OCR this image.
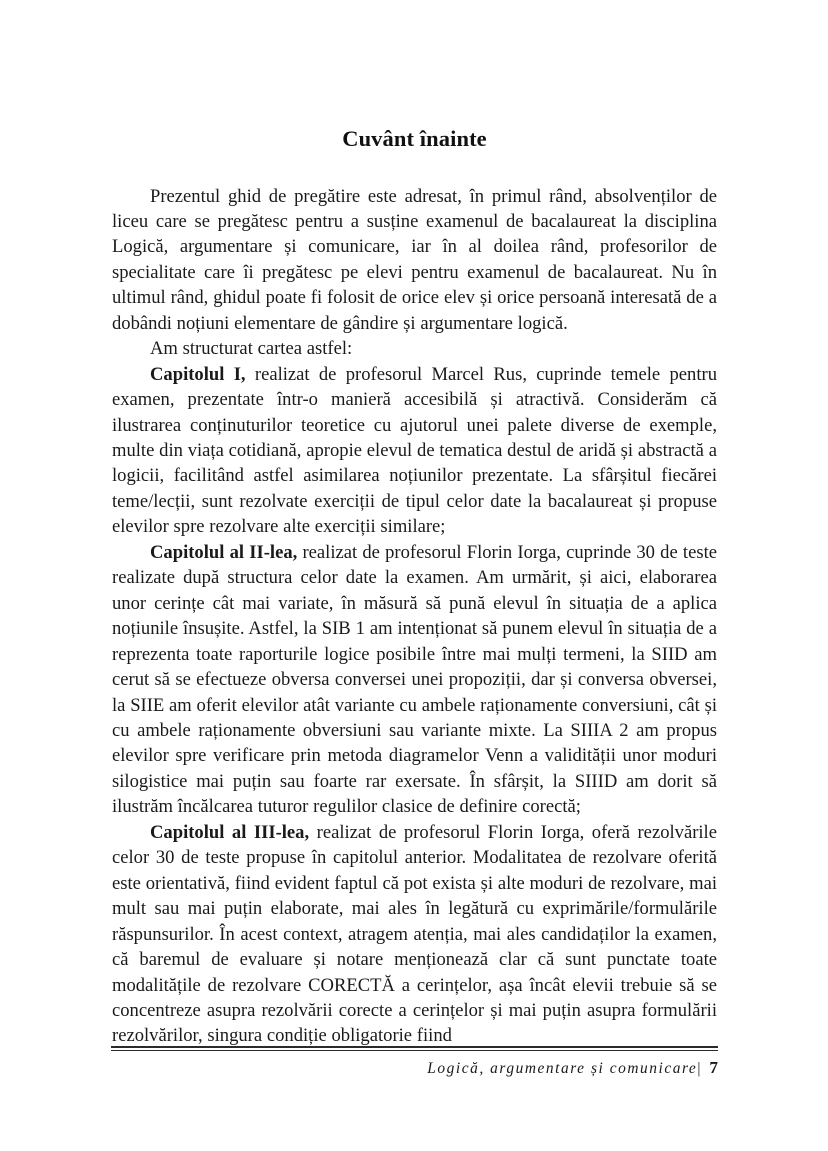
Cuvânt înainte

Prezentul ghid de pregătire este adresat, în primul rând, absolvenților de liceu care se pregătesc pentru a susține examenul de bacalaureat la disciplina Logică, argumentare și comunicare, iar în al doilea rând, profesorilor de specialitate care îi pregătesc pe elevi pentru examenul de bacalaureat. Nu în ultimul rând, ghidul poate fi folosit de orice elev și orice persoană interesată de a dobândi noțiuni elementare de gândire și argumentare logică.

Am structurat cartea astfel:

Capitolul I, realizat de profesorul Marcel Rus, cuprinde temele pentru examen, prezentate într-o manieră accesibilă și atractivă. Considerăm că ilustrarea conținuturilor teoretice cu ajutorul unei palete diverse de exemple, multe din viața cotidiană, apropie elevul de tematica destul de aridă și abstractă a logicii, facilitând astfel asimilarea noțiunilor prezentate. La sfârșitul fiecărei teme/lecții, sunt rezolvate exerciții de tipul celor date la bacalaureat și propuse elevilor spre rezolvare alte exerciții similare;

Capitolul al II-lea, realizat de profesorul Florin Iorga, cuprinde 30 de teste realizate după structura celor date la examen. Am urmărit, și aici, elaborarea unor cerințe cât mai variate, în măsură să pună elevul în situația de a aplica noțiunile însușite. Astfel, la SIB 1 am intenționat să punem elevul în situația de a reprezenta toate raporturile logice posibile între mai mulți termeni, la SIID am cerut să se efectueze obversa conversei unei propoziții, dar și conversa obversei, la SIIE am oferit elevilor atât variante cu ambele raționamente conversiuni, cât și cu ambele raționamente obversiuni sau variante mixte. La SIIIA 2 am propus elevilor spre verificare prin metoda diagramelor Venn a validității unor moduri silogistice mai puțin sau foarte rar exersate. În sfârșit, la SIIID am dorit să ilustrăm încălcarea tuturor regulilor clasice de definire corectă;

Capitolul al III-lea, realizat de profesorul Florin Iorga, oferă rezolvările celor 30 de teste propuse în capitolul anterior. Modalitatea de rezolvare oferită este orientativă, fiind evident faptul că pot exista și alte moduri de rezolvare, mai mult sau mai puțin elaborate, mai ales în legătură cu exprimările/formulările răspunsurilor. În acest context, atragem atenția, mai ales candidaților la examen, că baremul de evaluare și notare menționează clar că sunt punctate toate modalitățile de rezolvare CORECTĂ a cerințelor, așa încât elevii trebuie să se concentreze asupra rezolvării corecte a cerințelor și mai puțin asupra formulării rezolvărilor, singura condiție obligatorie fiind

Logică, argumentare și comunicare| 7
